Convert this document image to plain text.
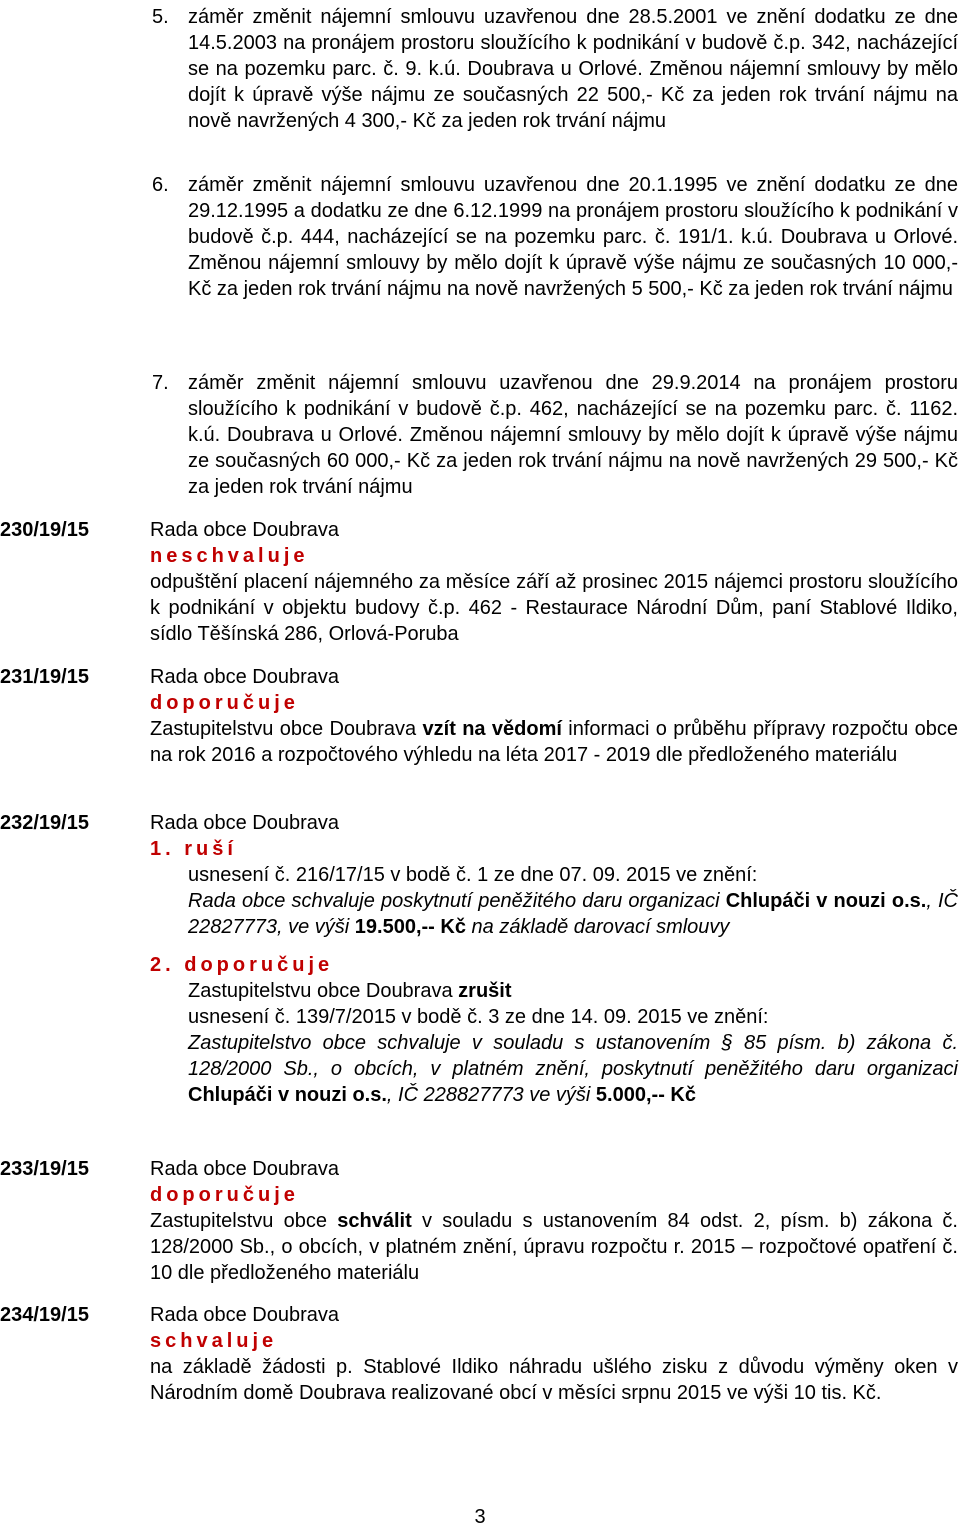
5. záměr změnit nájemní smlouvu uzavřenou dne 28.5.2001 ve znění dodatku ze dne 14.5.2003 na pronájem prostoru sloužícího k podnikání v budově č.p. 342, nacházející se na pozemku parc. č. 9. k.ú. Doubrava u Orlové. Změnou nájemní smlouvy by mělo dojít k úpravě výše nájmu ze současných 22 500,- Kč za jeden rok trvání nájmu na nově navržených 4 300,- Kč za jeden rok trvání nájmu
6. záměr změnit nájemní smlouvu uzavřenou dne 20.1.1995 ve znění dodatku ze dne 29.12.1995 a dodatku ze dne 6.12.1999 na pronájem prostoru sloužícího k podnikání v budově č.p. 444, nacházející se na pozemku parc. č. 191/1. k.ú. Doubrava u Orlové. Změnou nájemní smlouvy by mělo dojít k úpravě výše nájmu ze současných 10 000,- Kč za jeden rok trvání nájmu na nově navržených 5 500,- Kč za jeden rok trvání nájmu
7. záměr změnit nájemní smlouvu uzavřenou dne 29.9.2014 na pronájem prostoru sloužícího k podnikání v budově č.p. 462, nacházející se na pozemku parc. č. 1162. k.ú. Doubrava u Orlové. Změnou nájemní smlouvy by mělo dojít k úpravě výše nájmu ze současných 60 000,- Kč za jeden rok trvání nájmu na nově navržených 29 500,- Kč za jeden rok trvání nájmu
230/19/15	Rada obce Doubrava
neschvaluje
odpuštění placení nájemného za měsíce září až prosinec 2015 nájemci prostoru sloužícího k podnikání v objektu budovy č.p. 462 - Restaurace Národní Dům, paní Stablové Ildiko, sídlo Těšínská 286, Orlová-Poruba
231/19/15	Rada obce Doubrava
doporučuje
Zastupitelstvu obce Doubrava vzít na vědomí informaci o průběhu přípravy rozpočtu obce na rok 2016 a rozpočtového výhledu na léta 2017 - 2019 dle předloženého materiálu
232/19/15	Rada obce Doubrava
1. ruší
usnesení č. 216/17/15 v bodě č. 1 ze dne 07. 09. 2015 ve znění:
Rada obce schvaluje poskytnutí peněžitého daru organizaci Chlupáči v nouzi o.s., IČ 22827773, ve výši 19.500,-- Kč na základě darovací smlouvy
2. doporučuje
Zastupitelstvu obce Doubrava zrušit
usnesení č. 139/7/2015 v bodě č. 3 ze dne 14. 09. 2015 ve znění:
Zastupitelstvo obce schvaluje v souladu s ustanovením § 85 písm. b) zákona č. 128/2000 Sb., o obcích, v platném znění, poskytnutí peněžitého daru organizaci Chlupáči v nouzi o.s., IČ 228827773 ve výši 5.000,-- Kč
233/19/15	Rada obce Doubrava
doporučuje
Zastupitelstvu obce schválit v souladu s ustanovením 84 odst. 2, písm. b) zákona č. 128/2000 Sb., o obcích, v platném znění, úpravu rozpočtu r. 2015 – rozpočtové opatření č. 10 dle předloženého materiálu
234/19/15	Rada obce Doubrava
schvaluje
na základě žádosti p. Stablové Ildiko náhradu ušlého zisku z důvodu výměny oken v Národním domě Doubrava realizované obcí v měsíci srpnu 2015 ve výši 10 tis. Kč.
3
